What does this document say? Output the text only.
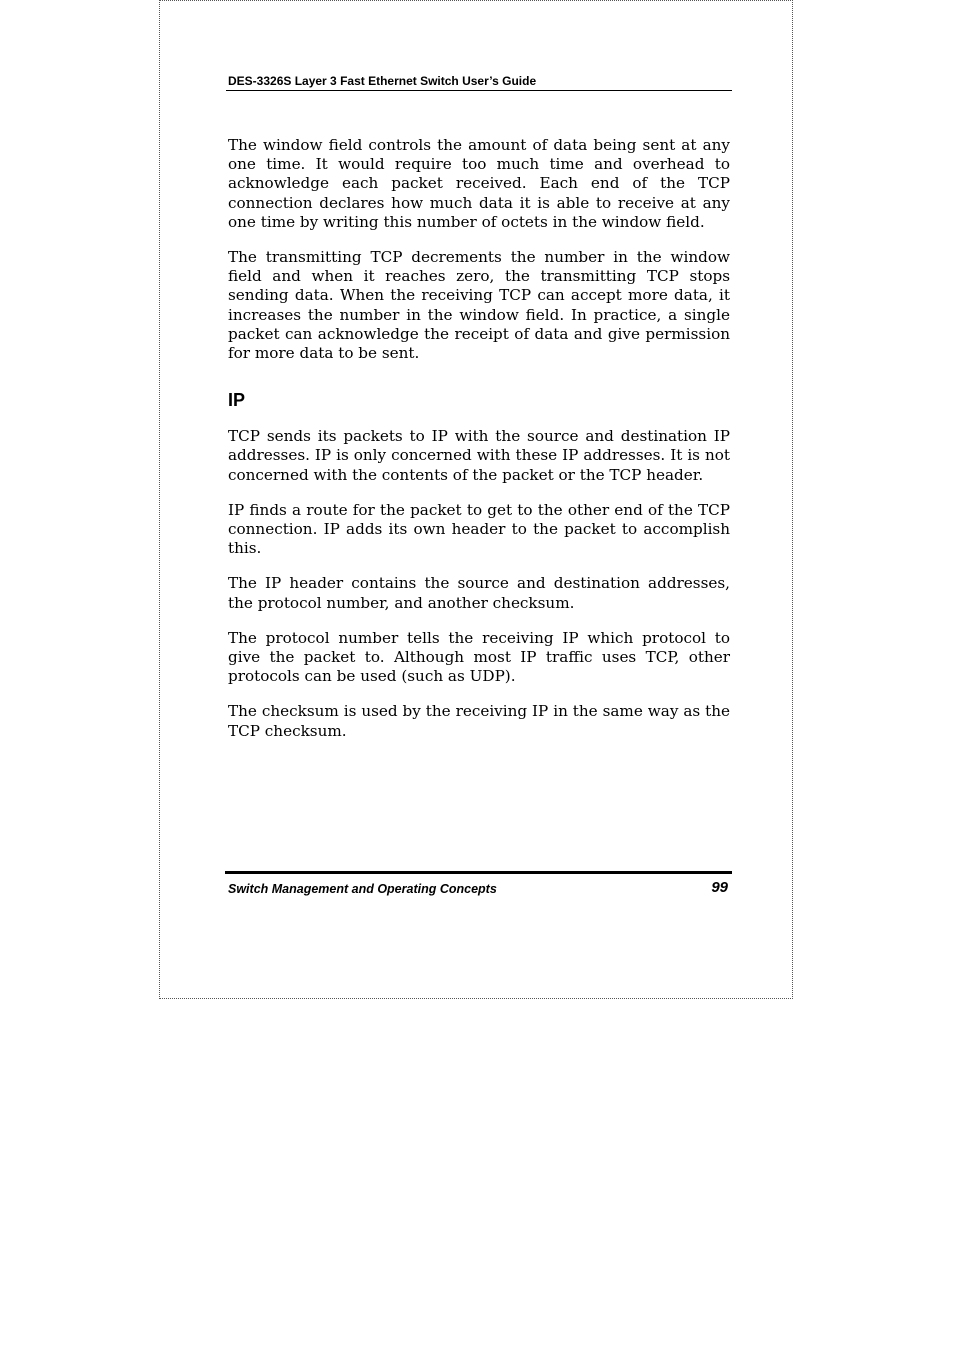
DES-3326S Layer 3 Fast Ethernet Switch User’s Guide

The window field controls the amount of data being sent at any one time. It would require too much time and overhead to acknowledge each packet received. Each end of the TCP connection declares how much data it is able to receive at any one time by writing this number of octets in the window field.

The transmitting TCP decrements the number in the window field and when it reaches zero, the transmitting TCP stops sending data. When the receiving TCP can accept more data, it increases the number in the window field. In practice, a single packet can acknowledge the receipt of data and give permission for more data to be sent.

IP

TCP sends its packets to IP with the source and destination IP addresses. IP is only concerned with these IP addresses. It is not concerned with the contents of the packet or the TCP header.

IP finds a route for the packet to get to the other end of the TCP connection. IP adds its own header to the packet to accomplish this.

The IP header contains the source and destination addresses, the protocol number, and another checksum.

The protocol number tells the receiving IP which protocol to give the packet to. Although most IP traffic uses TCP, other protocols can be used (such as UDP).

The checksum is used by the receiving IP in the same way as the TCP checksum.

Switch Management and Operating Concepts	99
